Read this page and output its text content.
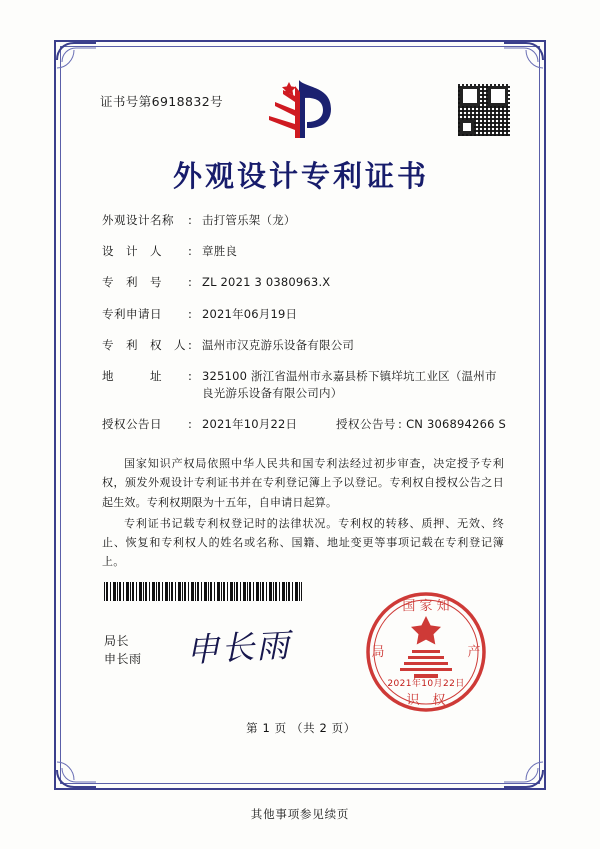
证书号第6918832号
外观设计专利证书
外观设计名称	: 击打管乐架（龙）
设　计　人	: 章胜良
专　利　号	: ZL 2021 3 0380963.X
专利申请日	: 2021年06月19日
专　利　权　人 : 温州市汉克游乐设备有限公司
地　　　址	: 325100 浙江省温州市永嘉县桥下镇垟坑工业区（温州市
良光游乐设备有限公司内）
授权公告日	: 2021年10月22日	授权公告号 : CN 306894266 S

国家知识产权局依照中华人民共和国专利法经过初步审查，决定授予专利权，颁发外观设计专利证书并在专利登记簿上予以登记。专利权自授权公告之日起生效。专利权期限为十五年，自申请日起算。

专利证书记载专利权登记时的法律状况。专利权的转移、质押、无效、终止、恢复和专利权人的姓名或名称、国籍、地址变更等事项记载在专利登记簿上。

局长
申长雨 申长雨
国 家 知
局	产
识　权
2021年10月22日
第 1 页 （共 2 页）
其他事项参见续页
